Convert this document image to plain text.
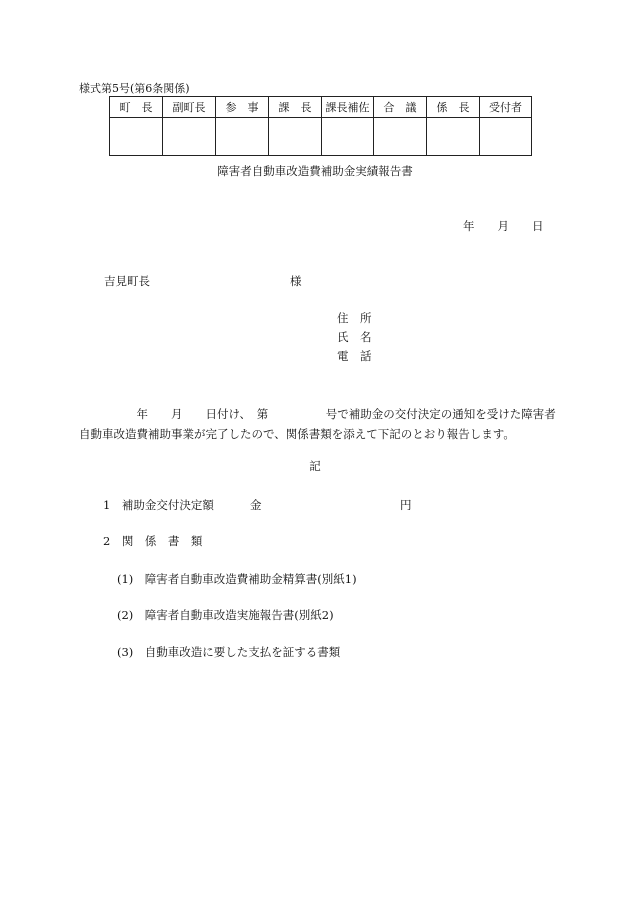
様式第5号(第6条関係)
町　長	副町長	参　事	課　長	課長補佐	合　議	係　長	受付者

障害者自動車改造費補助金実績報告書
年　　月　　日
吉見町長	様
住　所
氏　名
電　話
　　　　　年　　月　　日付け、　第　　　　　号で補助金の交付決定の通知を受けた障害者自動車改造費補助事業が完了したので、関係書類を添えて下記のとおり報告します。
記
1　補助金交付決定額	金	円
2　関　係　書　類
(1)　障害者自動車改造費補助金精算書(別紙1)
(2)　障害者自動車改造実施報告書(別紙2)
(3)　自動車改造に要した支払を証する書類
